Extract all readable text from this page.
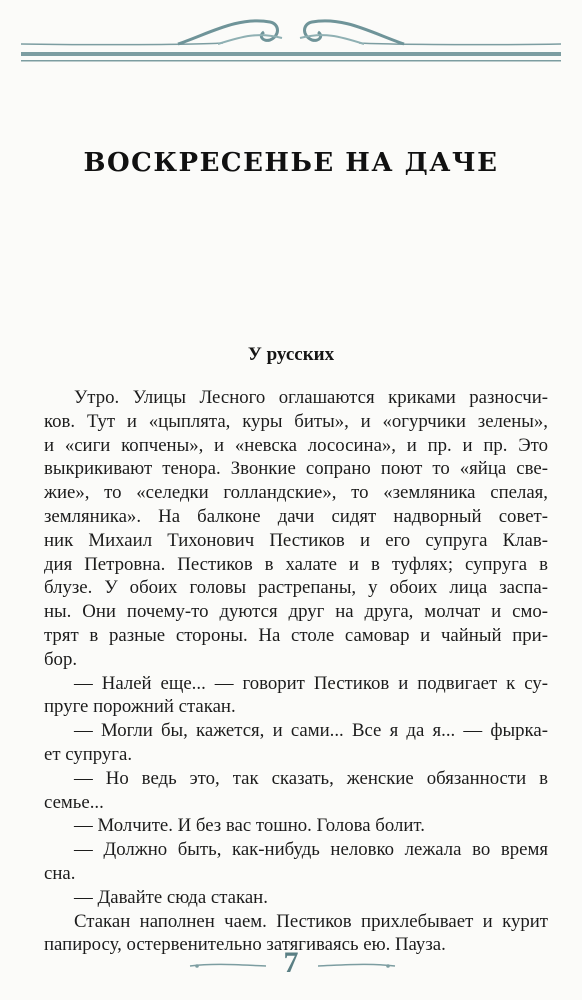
ВОСКРЕСЕНЬЕ НА ДАЧЕ
У русских
Утро. Улицы Лесного оглашаются криками разносчи-
ков. Тут и «цыплята, куры биты», и «огурчики зелены»,
и «сиги копчены», и «невска лососина», и пр. и пр. Это
выкрикивают тенора. Звонкие сопрано поют то «яйца све-
жие», то «селедки голландские», то «земляника спелая,
земляника». На балконе дачи сидят надворный совет-
ник Михаил Тихонович Пестиков и его супруга Клав-
дия Петровна. Пестиков в халате и в туфлях; супруга в
блузе. У обоих головы растрепаны, у обоих лица заспа-
ны. Они почему-то дуются друг на друга, молчат и смо-
трят в разные стороны. На столе самовар и чайный при-
бор.
— Налей еще... — говорит Пестиков и подвигает к су-
пруге порожний стакан.
— Могли бы, кажется, и сами... Все я да я... — фырка-
ет супруга.
— Но ведь это, так сказать, женские обязанности в
семье...
— Молчите. И без вас тошно. Голова болит.
— Должно быть, как-нибудь неловко лежала во время
сна.
— Давайте сюда стакан.
Стакан наполнен чаем. Пестиков прихлебывает и курит
папиросу, остервенительно затягиваясь ею. Пауза.
7
